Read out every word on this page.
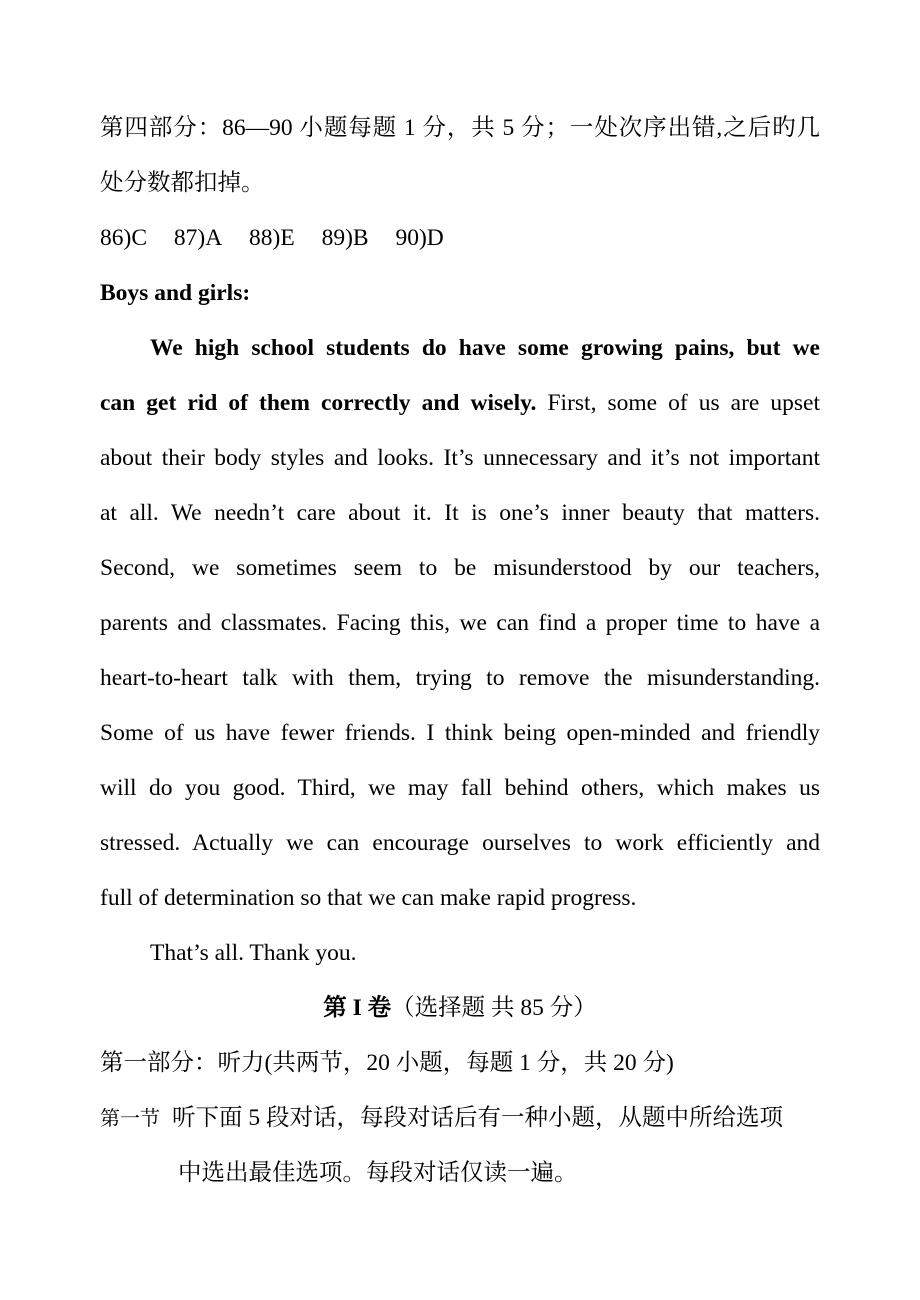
第四部分：86—90 小题每题 1 分，共 5 分；一处次序出错,之后旳几
处分数都扣掉。
86)C 87)A 88)E 89)B 90)D
Boys and girls:
We high school students do have some growing pains, but we
can get rid of them correctly and wisely. First, some of us are upset
about their body styles and looks. It’s unnecessary and it’s not important
at all. We needn’t care about it. It is one’s inner beauty that matters.
Second, we sometimes seem to be misunderstood by our teachers,
parents and classmates. Facing this, we can find a proper time to have a
heart-to-heart talk with them, trying to remove the misunderstanding.
Some of us have fewer friends. I think being open-minded and friendly
will do you good. Third, we may fall behind others, which makes us
stressed. Actually we can encourage ourselves to work efficiently and
full of determination so that we can make rapid progress.
That’s all. Thank you.
第 I 卷（选择题 共 85 分）
第一部分：听力(共两节，20 小题，每题 1 分，共 20 分)
第一节 听下面 5 段对话，每段对话后有一种小题，从题中所给选项
中选出最佳选项。每段对话仅读一遍。
